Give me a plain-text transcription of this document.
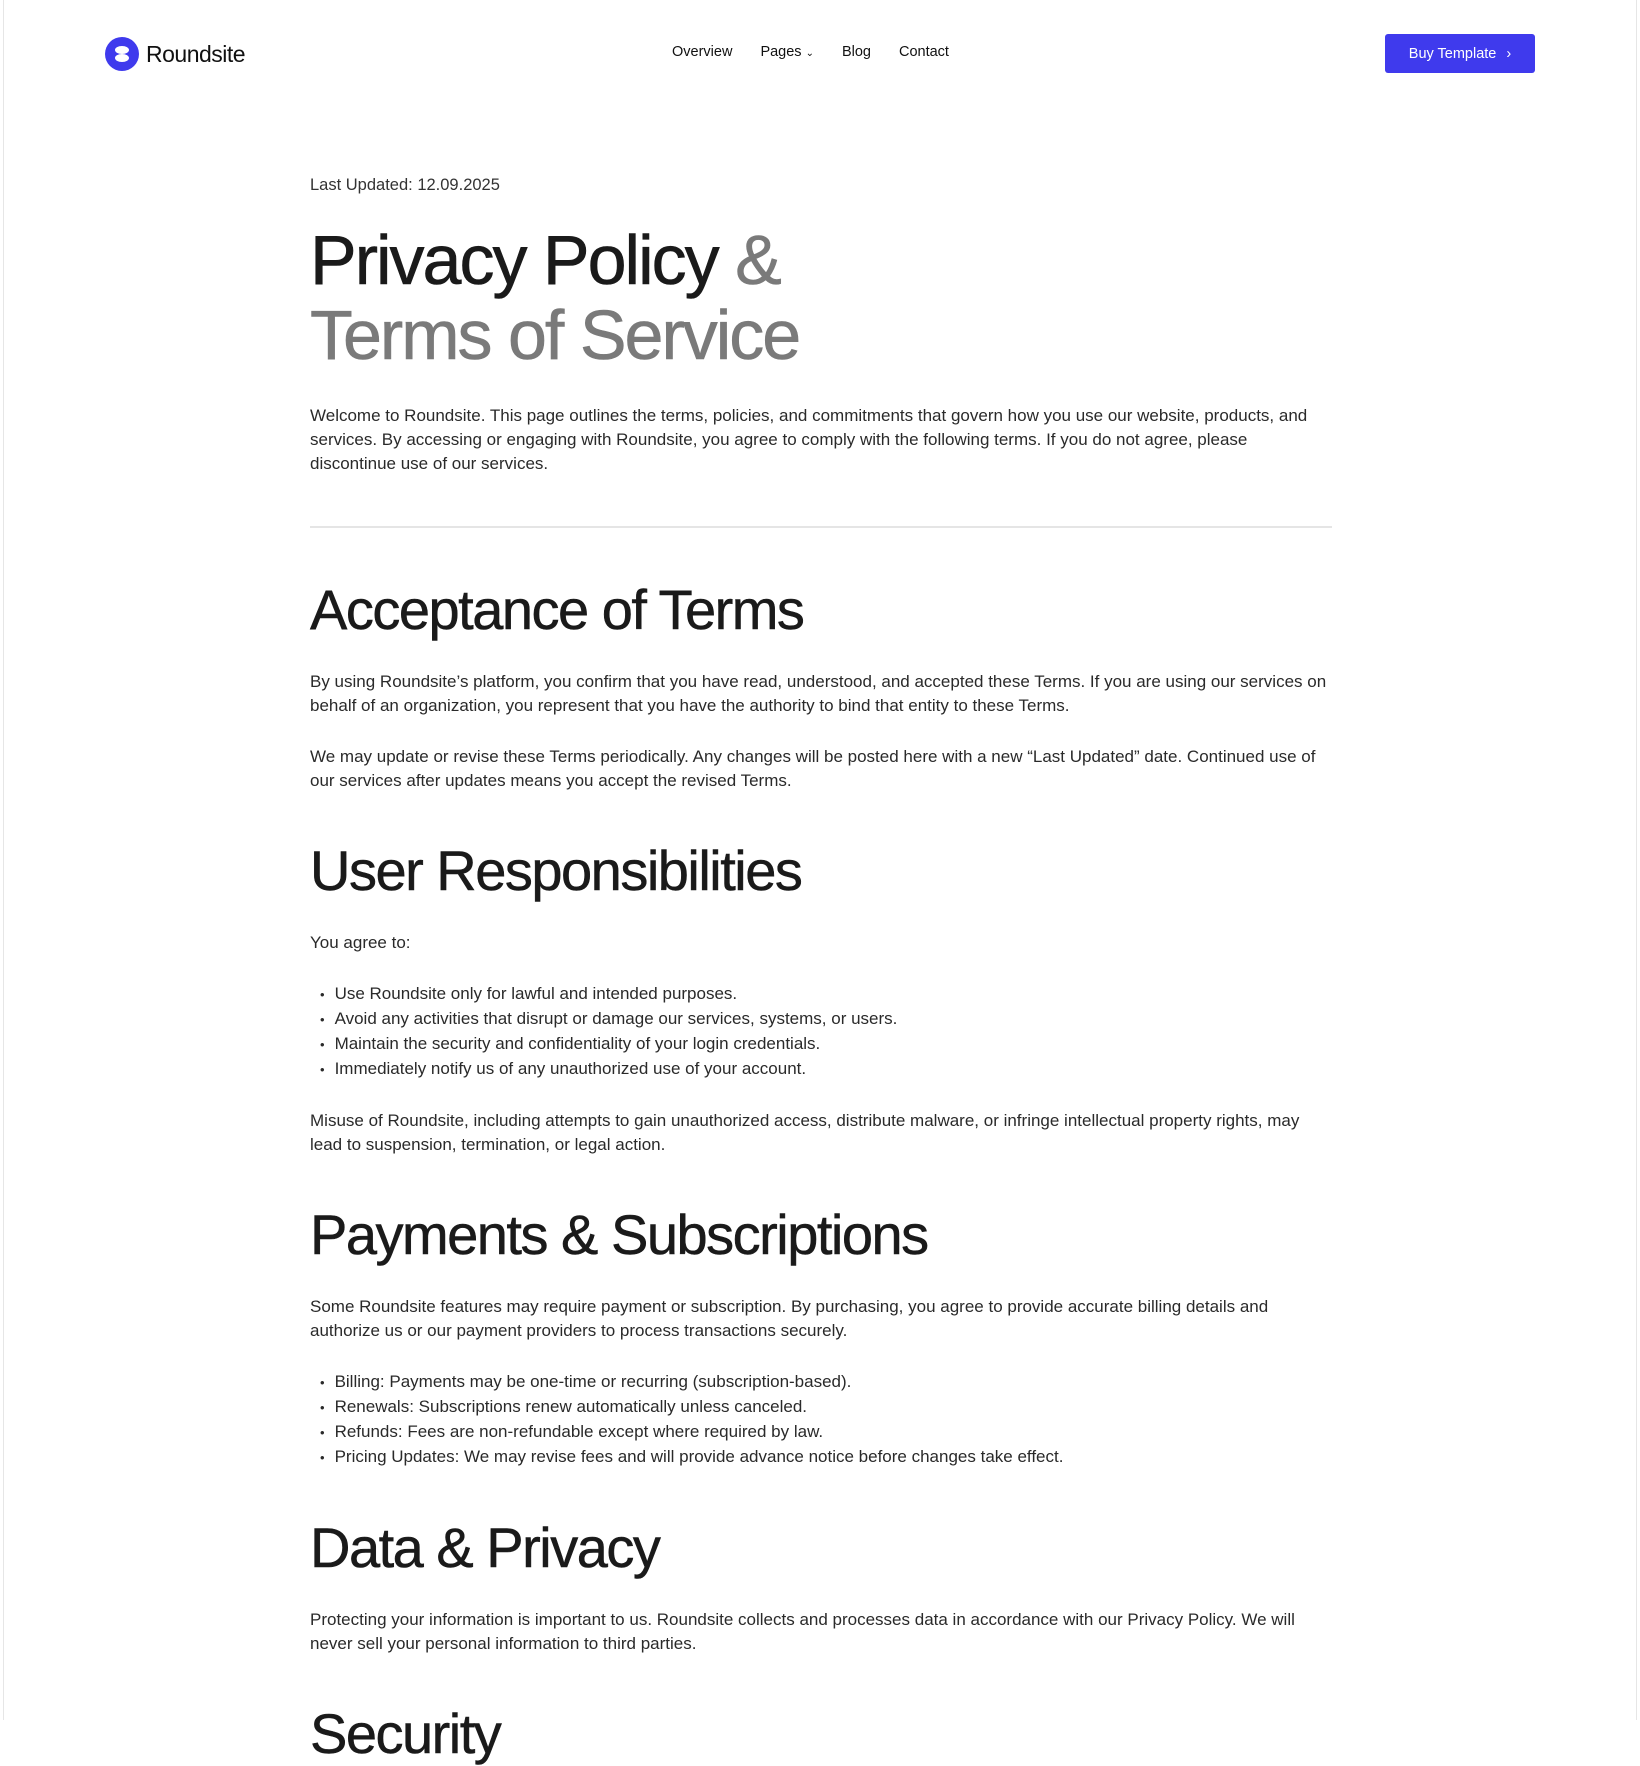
Roundsite	Overview Pages ⌄ Blog Contact	Buy Template ›
Last Updated: 12.09.2025
Privacy Policy &
Terms of Service

Welcome to Roundsite. This page outlines the terms, policies, and commitments that govern how you use our website, products, and services. By accessing or engaging with Roundsite, you agree to comply with the following terms. If you do not agree, please discontinue use of our services.

Acceptance of Terms

By using Roundsite’s platform, you confirm that you have read, understood, and accepted these Terms. If you are using our services on behalf of an organization, you represent that you have the authority to bind that entity to these Terms.

We may update or revise these Terms periodically. Any changes will be posted here with a new “Last Updated” date. Continued use of our services after updates means you accept the revised Terms.

User Responsibilities

You agree to:

• Use Roundsite only for lawful and intended purposes.
• Avoid any activities that disrupt or damage our services, systems, or users.
• Maintain the security and confidentiality of your login credentials.
• Immediately notify us of any unauthorized use of your account.

Misuse of Roundsite, including attempts to gain unauthorized access, distribute malware, or infringe intellectual property rights, may lead to suspension, termination, or legal action.

Payments & Subscriptions

Some Roundsite features may require payment or subscription. By purchasing, you agree to provide accurate billing details and authorize us or our payment providers to process transactions securely.

• Billing: Payments may be one-time or recurring (subscription-based).
• Renewals: Subscriptions renew automatically unless canceled.
• Refunds: Fees are non-refundable except where required by law.
• Pricing Updates: We may revise fees and will provide advance notice before changes take effect.
Data & Privacy

Protecting your information is important to us. Roundsite collects and processes data in accordance with our Privacy Policy. We will never sell your personal information to third parties.

Security
